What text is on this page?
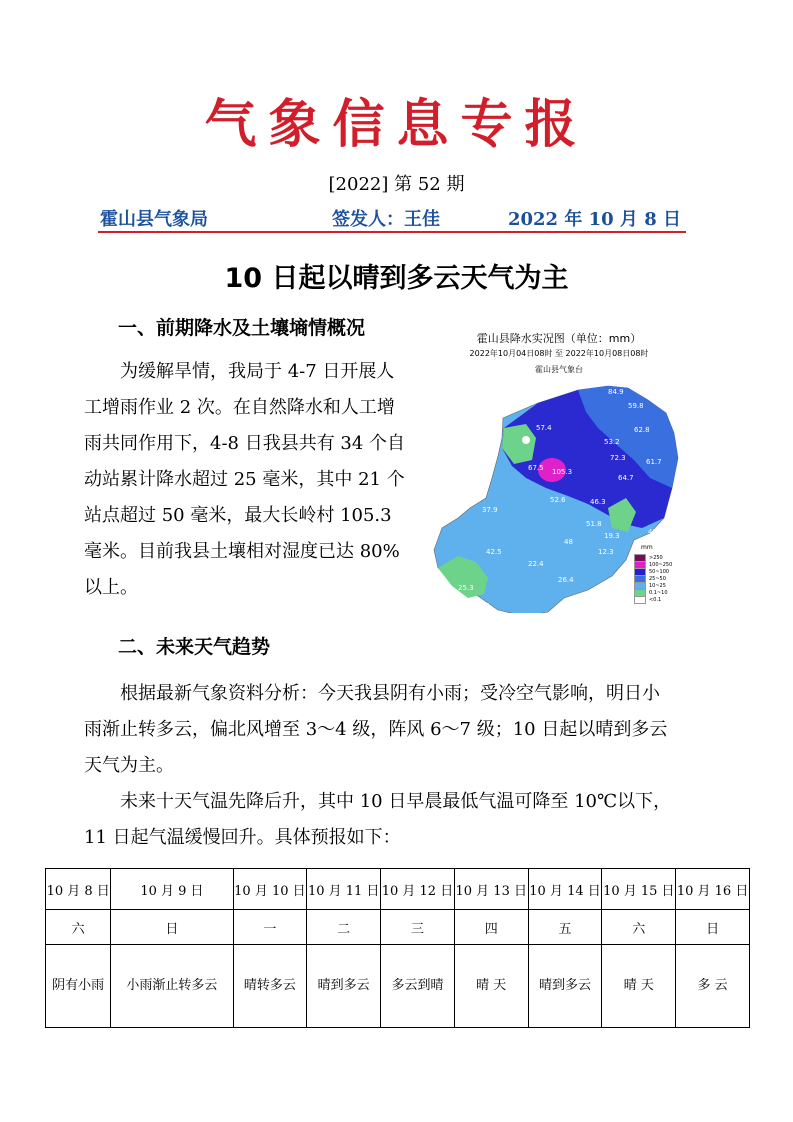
气象信息专报
[2022] 第 52 期
霍山县气象局	签发人：王佳	2022 年 10 月 8 日
10 日起以晴到多云天气为主
一、前期降水及土壤墒情概况
为缓解旱情，我局于 4-7 日开展人
工增雨作业 2 次。在自然降水和人工增
雨共同作用下，4-8 日我县共有 34 个自
动站累计降水超过 25 毫米，其中 21 个
站点超过 50 毫米，最大长岭村 105.3
毫米。目前我县土壤相对湿度已达 80%
以上。
霍山县降水实况图（单位：mm）
2022年10月04日08时 至 2022年10月08日08时
霍山县气象台
84.9
57.4
59.8
53.2
62.8
72.3	61.7
105.3
64.7
67.5
52.6	46.3
37.9
51.8
19.3	41.1
42.5
48
12.3
22.4
25.3
26.4
19.5
mm
>250
100~250
50~100
25~50
10~25
0.1~10
<0.1
二、未来天气趋势
根据最新气象资料分析：今天我县阴有小雨；受冷空气影响，明日小
雨渐止转多云，偏北风增至 3～4 级，阵风 6～7 级；10 日起以晴到多云
天气为主。
未来十天气温先降后升，其中 10 日早晨最低气温可降至 10℃以下，
11 日起气温缓慢回升。具体预报如下：
10 月 8 日	10 月 9 日	10 月 10 日	10 月 11 日	10 月 12 日	10 月 13 日	10 月 14 日	10 月 15 日	10 月 16 日
六	日	一	二	三	四	五	六	日
阴有小雨	小雨渐止转多云	晴转多云	晴到多云	多云到晴	晴 天	晴到多云	晴 天	多 云
